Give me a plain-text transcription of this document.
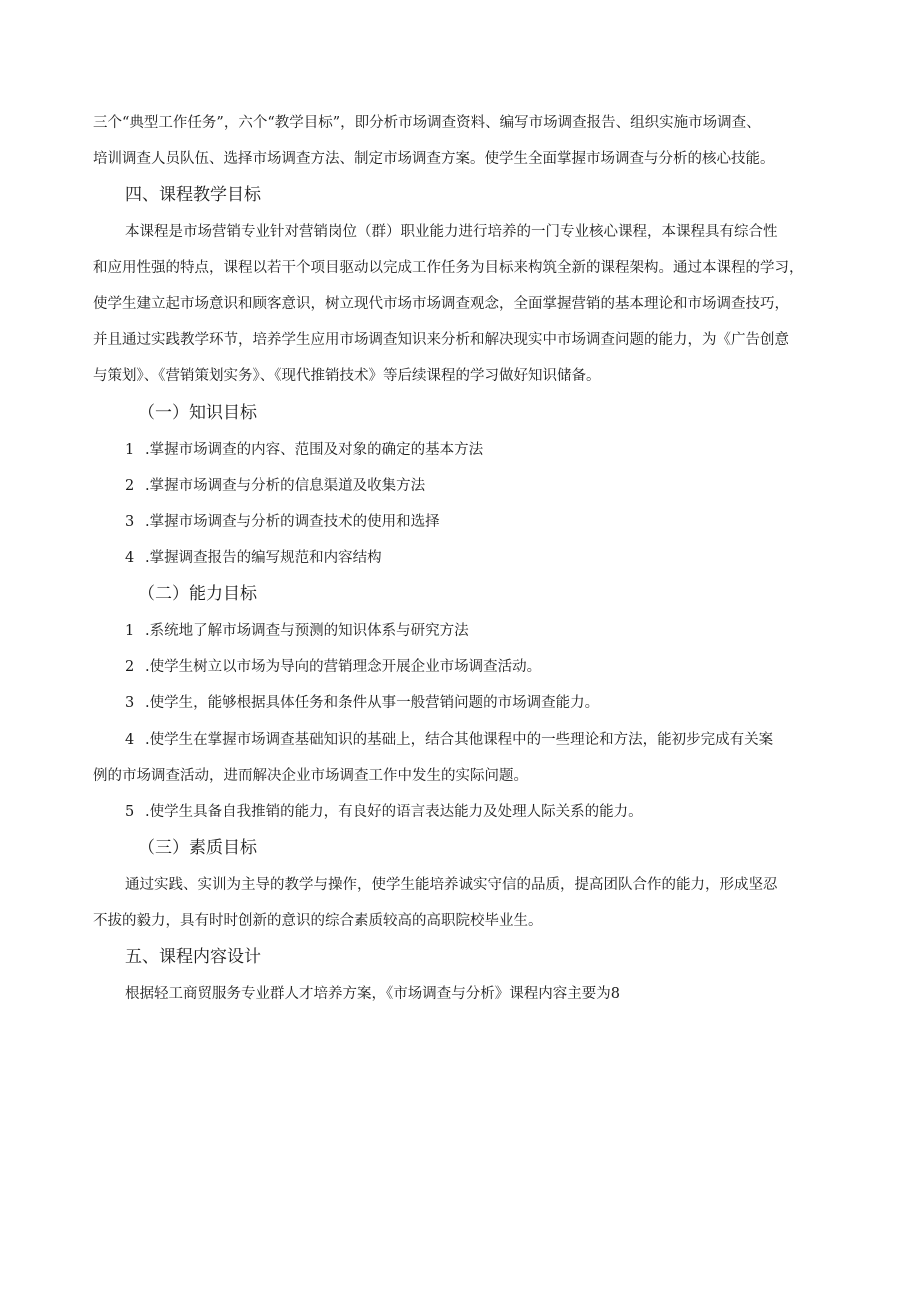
三个“典型工作任务”，六个“教学目标”，即分析市场调查资料、编写市场调查报告、组织实施市场调查、
培训调查人员队伍、选择市场调查方法、制定市场调查方案。使学生全面掌握市场调查与分析的核心技能。
四、课程教学目标
本课程是市场营销专业针对营销岗位（群）职业能力进行培养的一门专业核心课程，本课程具有综合性
和应用性强的特点，课程以若干个项目驱动以完成工作任务为目标来构筑全新的课程架构。通过本课程的学习，
使学生建立起市场意识和顾客意识，树立现代市场市场调查观念，全面掌握营销的基本理论和市场调查技巧，
并且通过实践教学环节，培养学生应用市场调查知识来分析和解决现实中市场调查问题的能力，为《广告创意
与策划》、《营销策划实务》、《现代推销技术》等后续课程的学习做好知识储备。
（一）知识目标
1 .掌握市场调查的内容、范围及对象的确定的基本方法
2 .掌握市场调查与分析的信息渠道及收集方法
3 .掌握市场调查与分析的调查技术的使用和选择
4 .掌握调查报告的编写规范和内容结构
（二）能力目标
1 .系统地了解市场调查与预测的知识体系与研究方法
2 .使学生树立以市场为导向的营销理念开展企业市场调查活动。
3 .使学生，能够根据具体任务和条件从事一般营销问题的市场调查能力。
4 .使学生在掌握市场调查基础知识的基础上，结合其他课程中的一些理论和方法，能初步完成有关案
例的市场调查活动，进而解决企业市场调查工作中发生的实际问题。
5 .使学生具备自我推销的能力，有良好的语言表达能力及处理人际关系的能力。
（三）素质目标
通过实践、实训为主导的教学与操作，使学生能培养诚实守信的品质，提高团队合作的能力，形成坚忍
不拔的毅力，具有时时创新的意识的综合素质较高的高职院校毕业生。
五、课程内容设计
根据轻工商贸服务专业群人才培养方案，《市场调查与分析》课程内容主要为8
